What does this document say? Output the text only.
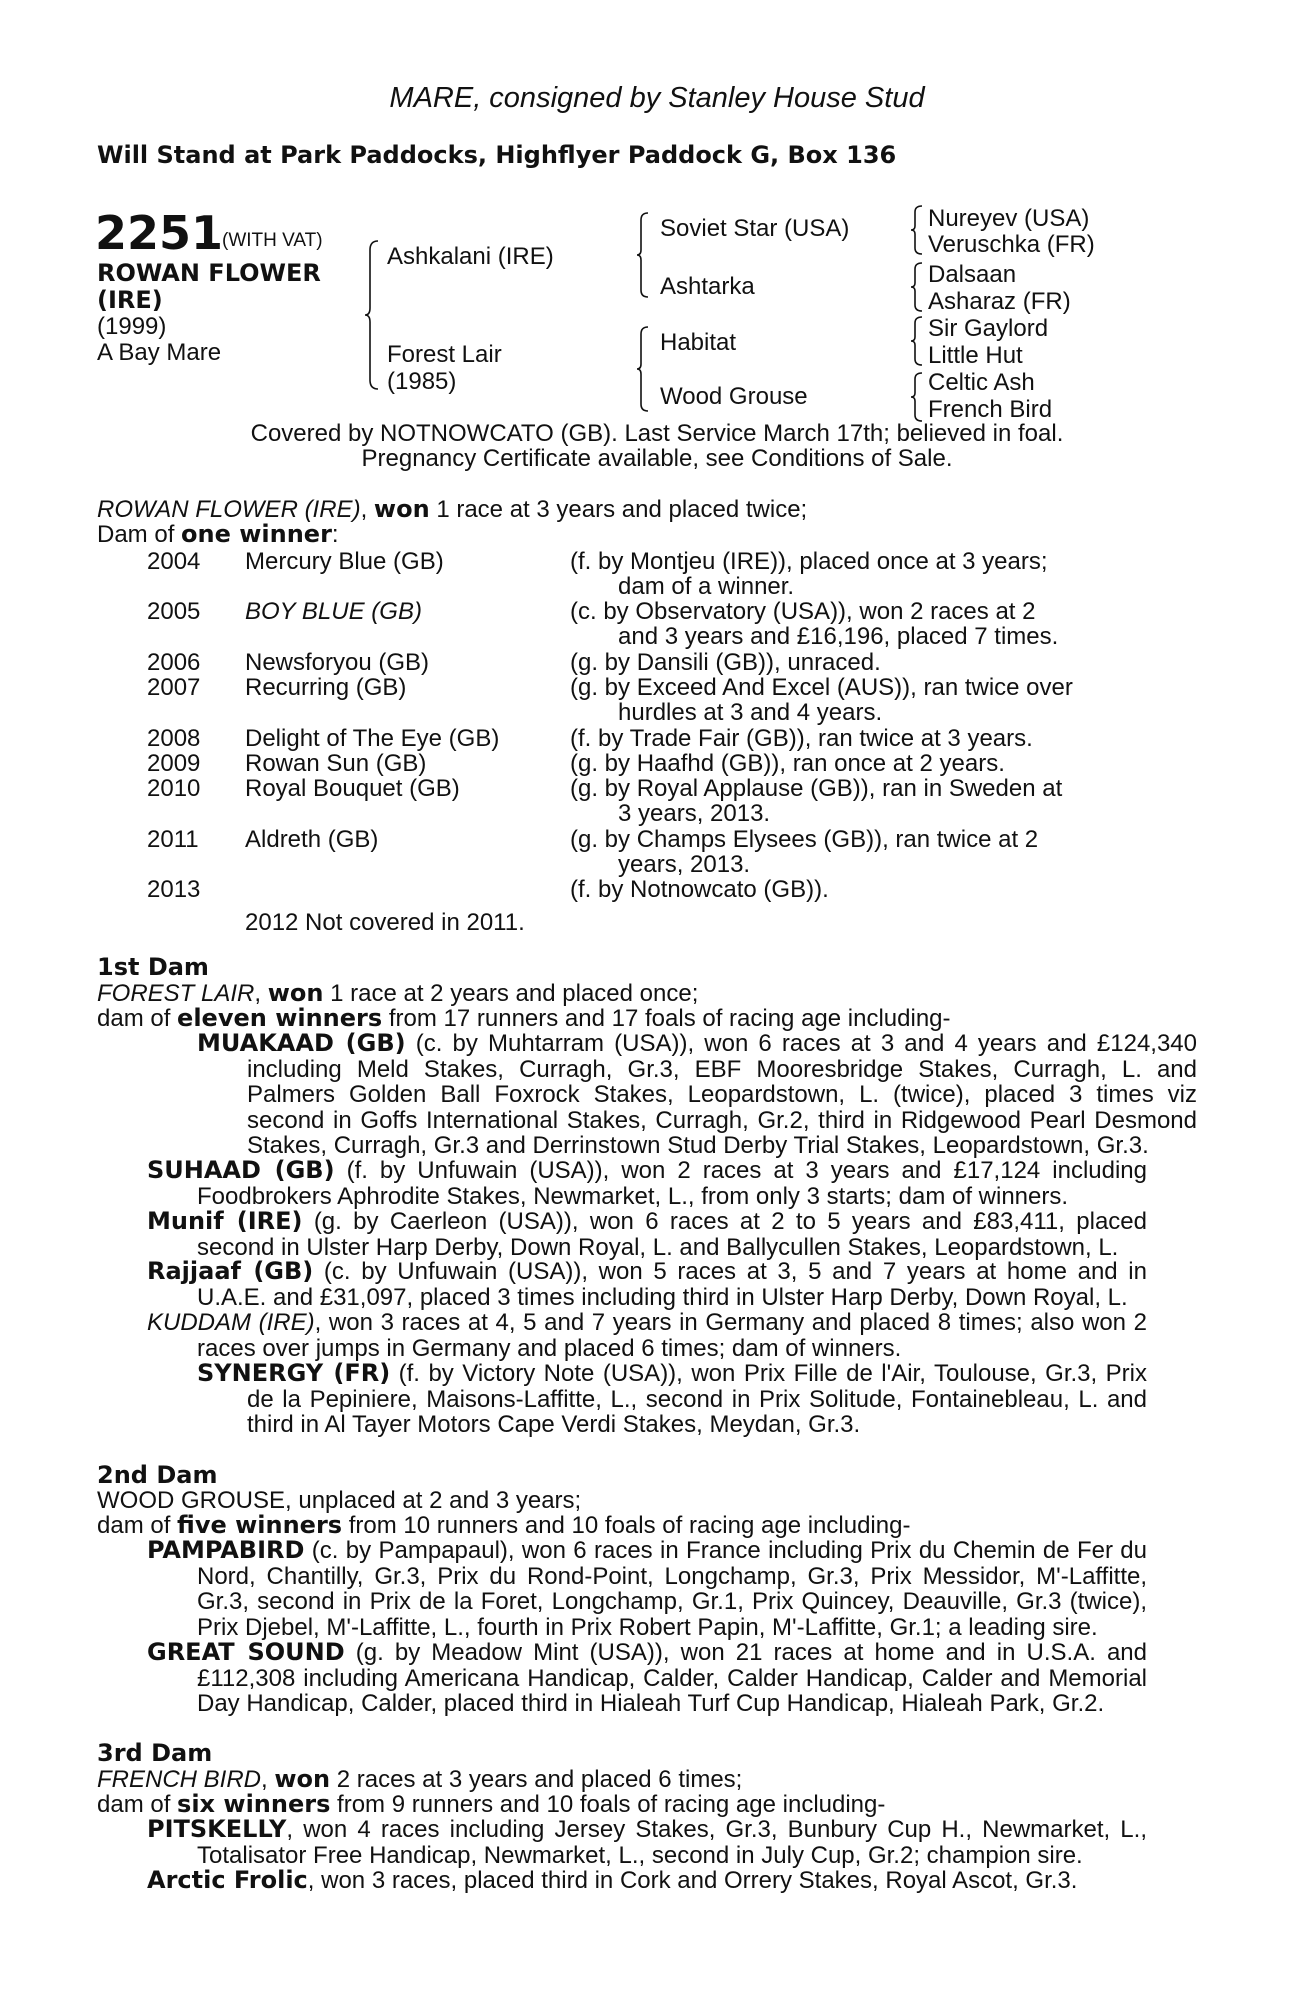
MARE, consigned by Stanley House Stud
Will Stand at Park Paddocks, Highflyer Paddock G, Box 136
2251
(WITH VAT)
ROWAN FLOWER
(IRE)
(1999)
A Bay Mare
Ashkalani (IRE)
Forest Lair
(1985)
Soviet Star (USA)
Ashtarka
Habitat
Wood Grouse
Nureyev (USA)
Veruschka (FR)
Dalsaan
Asharaz (FR)
Sir Gaylord
Little Hut
Celtic Ash
French Bird
Covered by NOTNOWCATO (GB). Last Service March 17th; believed in foal.
Pregnancy Certificate available, see Conditions of Sale.
ROWAN FLOWER (IRE), won 1 race at 3 years and placed twice;
Dam of one winner:
2004 Mercury Blue (GB)	(f. by Montjeu (IRE)), placed once at 3 years;
dam of a winner.
2005 BOY BLUE (GB)	(c. by Observatory (USA)), won 2 races at 2
and 3 years and £16,196, placed 7 times.
2006 Newsforyou (GB)	(g. by Dansili (GB)), unraced.
2007 Recurring (GB)	(g. by Exceed And Excel (AUS)), ran twice over
hurdles at 3 and 4 years.
2008 Delight of The Eye (GB)	(f. by Trade Fair (GB)), ran twice at 3 years.
2009 Rowan Sun (GB)	(g. by Haafhd (GB)), ran once at 2 years.
2010 Royal Bouquet (GB)	(g. by Royal Applause (GB)), ran in Sweden at
3 years, 2013.
2011 Aldreth (GB)	(g. by Champs Elysees (GB)), ran twice at 2
years, 2013.
2013	(f. by Notnowcato (GB)).
2012 Not covered in 2011.
1st Dam
FOREST LAIR, won 1 race at 2 years and placed once;
dam of eleven winners from 17 runners and 17 foals of racing age including-
MUAKAAD (GB) (c. by Muhtarram (USA)), won 6 races at 3 and 4 years and £124,340 including Meld Stakes, Curragh, Gr.3, EBF Mooresbridge Stakes, Curragh, L. and Palmers Golden Ball Foxrock Stakes, Leopardstown, L. (twice), placed 3 times viz second in Goffs International Stakes, Curragh, Gr.2, third in Ridgewood Pearl Desmond Stakes, Curragh, Gr.3 and Derrinstown Stud Derby Trial Stakes, Leopardstown, Gr.3.
SUHAAD (GB) (f. by Unfuwain (USA)), won 2 races at 3 years and £17,124 including Foodbrokers Aphrodite Stakes, Newmarket, L., from only 3 starts; dam of winners.
Munif (IRE) (g. by Caerleon (USA)), won 6 races at 2 to 5 years and £83,411, placed second in Ulster Harp Derby, Down Royal, L. and Ballycullen Stakes, Leopardstown, L.
Rajjaaf (GB) (c. by Unfuwain (USA)), won 5 races at 3, 5 and 7 years at home and in U.A.E. and £31,097, placed 3 times including third in Ulster Harp Derby, Down Royal, L.
KUDDAM (IRE), won 3 races at 4, 5 and 7 years in Germany and placed 8 times; also won 2 races over jumps in Germany and placed 6 times; dam of winners.
SYNERGY (FR) (f. by Victory Note (USA)), won Prix Fille de l'Air, Toulouse, Gr.3, Prix de la Pepiniere, Maisons-Laffitte, L., second in Prix Solitude, Fontainebleau, L. and third in Al Tayer Motors Cape Verdi Stakes, Meydan, Gr.3.
2nd Dam
WOOD GROUSE, unplaced at 2 and 3 years;
dam of five winners from 10 runners and 10 foals of racing age including-
PAMPABIRD (c. by Pampapaul), won 6 races in France including Prix du Chemin de Fer du Nord, Chantilly, Gr.3, Prix du Rond-Point, Longchamp, Gr.3, Prix Messidor, M'-Laffitte, Gr.3, second in Prix de la Foret, Longchamp, Gr.1, Prix Quincey, Deauville, Gr.3 (twice), Prix Djebel, M'-Laffitte, L., fourth in Prix Robert Papin, M'-Laffitte, Gr.1; a leading sire.
GREAT SOUND (g. by Meadow Mint (USA)), won 21 races at home and in U.S.A. and £112,308 including Americana Handicap, Calder, Calder Handicap, Calder and Memorial Day Handicap, Calder, placed third in Hialeah Turf Cup Handicap, Hialeah Park, Gr.2.
3rd Dam
FRENCH BIRD, won 2 races at 3 years and placed 6 times;
dam of six winners from 9 runners and 10 foals of racing age including-
PITSKELLY, won 4 races including Jersey Stakes, Gr.3, Bunbury Cup H., Newmarket, L., Totalisator Free Handicap, Newmarket, L., second in July Cup, Gr.2; champion sire.
Arctic Frolic, won 3 races, placed third in Cork and Orrery Stakes, Royal Ascot, Gr.3.
